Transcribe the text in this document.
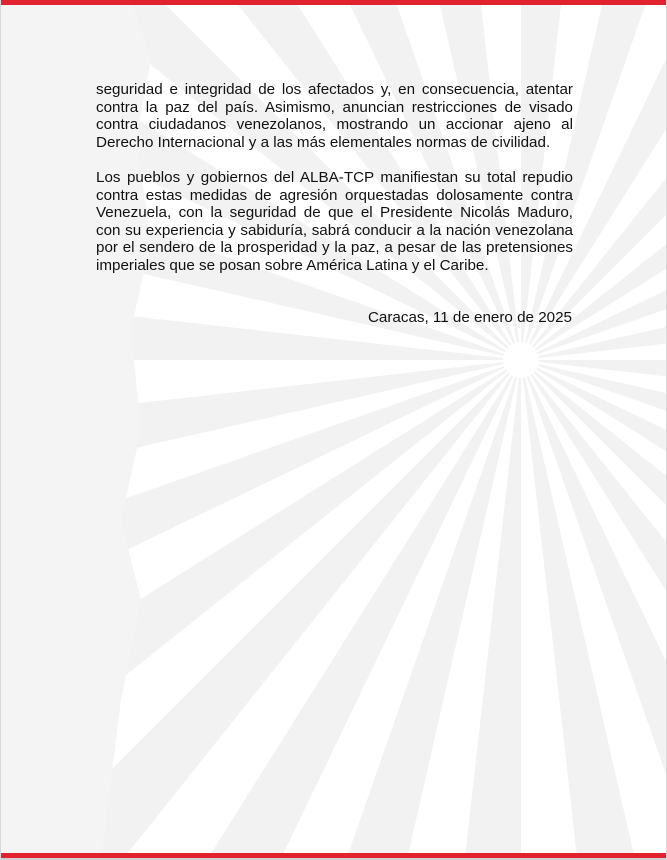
seguridad e integridad de los afectados y, en consecuencia, atentar contra la paz del país. Asimismo, anuncian restricciones de visado contra ciudadanos venezolanos, mostrando un accionar ajeno al Derecho Internacional y a las más elementales normas de civilidad.

Los pueblos y gobiernos del ALBA-TCP manifiestan su total repudio contra estas medidas de agresión orquestadas dolosamente contra Venezuela, con la seguridad de que el Presidente Nicolás Maduro, con su experiencia y sabiduría, sabrá conducir a la nación venezolana por el sendero de la prosperidad y la paz, a pesar de las pretensiones imperiales que se posan sobre América Latina y el Caribe.

Caracas, 11 de enero de 2025
